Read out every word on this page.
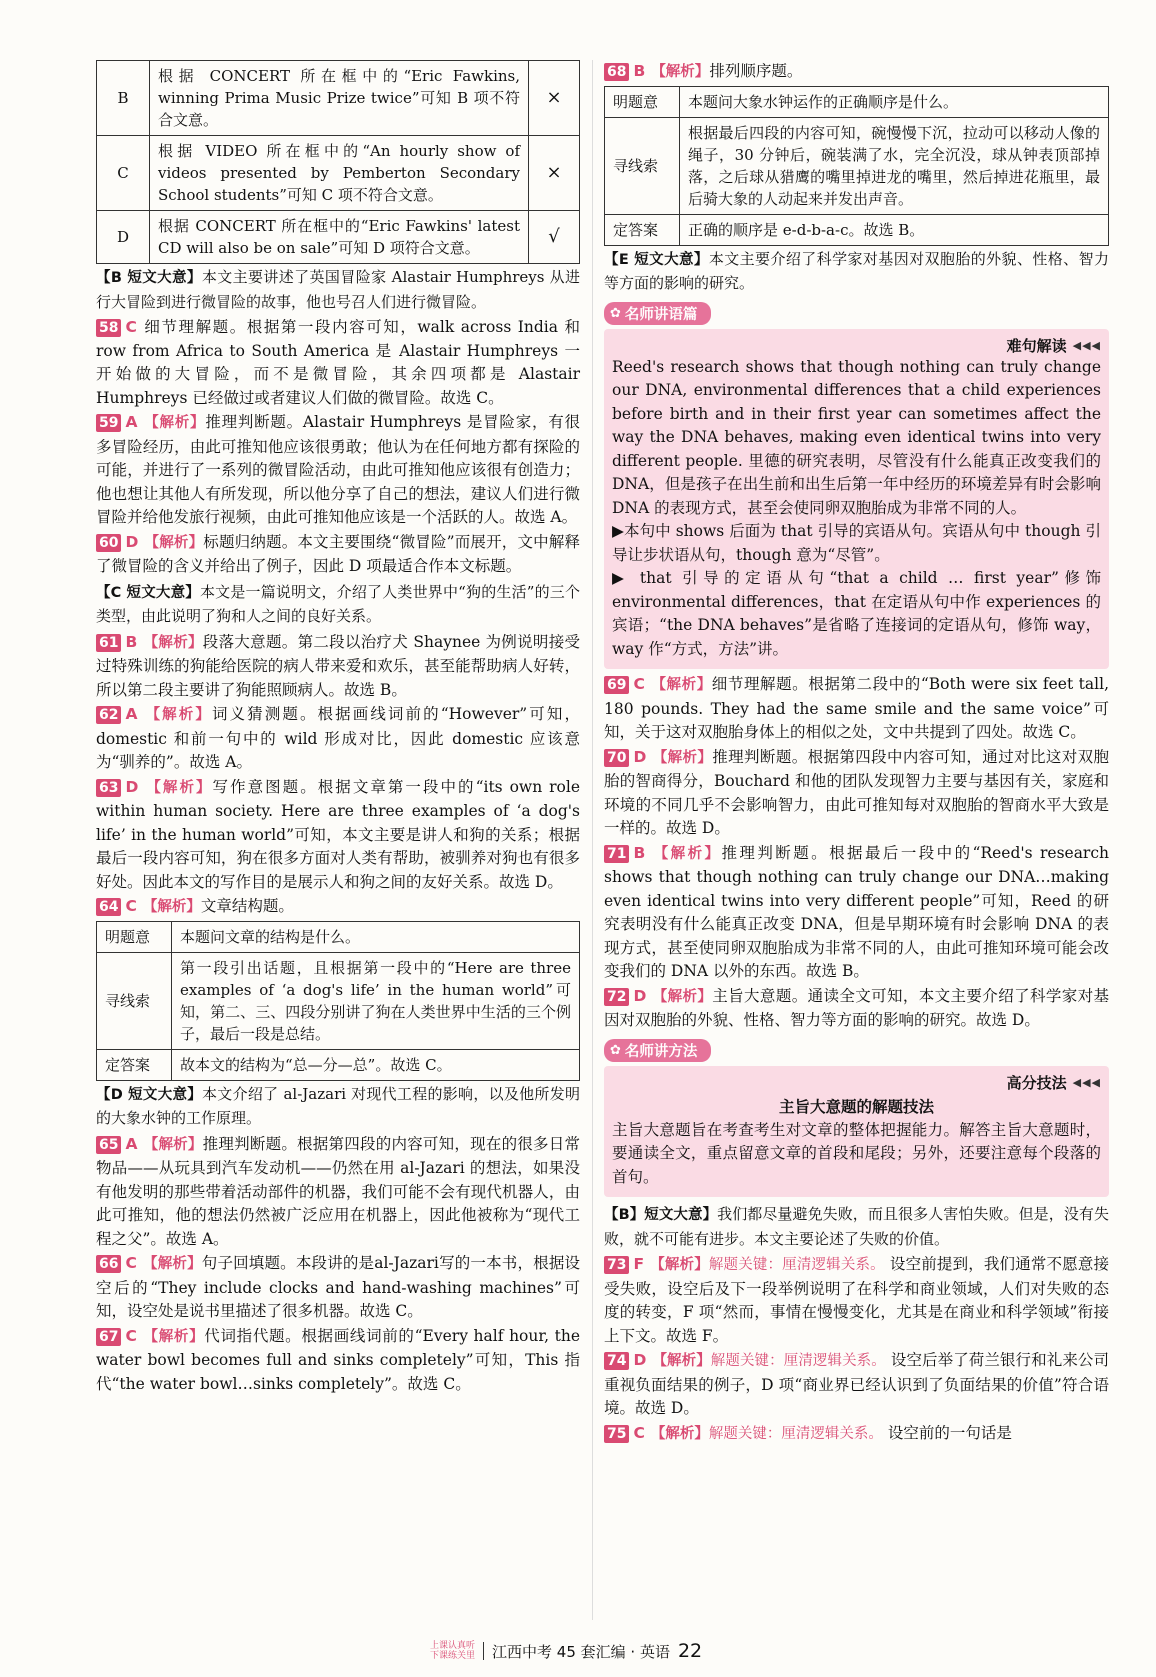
B	根据 CONCERT 所在框中的“Eric Fawkins, winning Prima Music Prize twice”可知 B 项不符合文意。	×
C	根据 VIDEO 所在框中的“An hourly show of videos presented by Pemberton Secondary School students”可知 C 项不符合文意。	×
D	根据 CONCERT 所在框中的“Eric Fawkins' latest CD will also be on sale”可知 D 项符合文意。	√

【B 短文大意】本文主要讲述了英国冒险家 Alastair Humphreys 从进行大冒险到进行微冒险的故事，他也号召人们进行微冒险。

58 C 细节理解题。根据第一段内容可知，walk across India 和 row from Africa to South America 是 Alastair Humphreys 一开始做的大冒险，而不是微冒险，其余四项都是 Alastair Humphreys 已经做过或者建议人们做的微冒险。故选 C。

59 A 【解析】推理判断题。Alastair Humphreys 是冒险家，有很多冒险经历，由此可推知他应该很勇敢；他认为在任何地方都有探险的可能，并进行了一系列的微冒险活动，由此可推知他应该很有创造力；他也想让其他人有所发现，所以他分享了自己的想法，建议人们进行微冒险并给他发旅行视频，由此可推知他应该是一个活跃的人。故选 A。

60 D 【解析】标题归纳题。本文主要围绕“微冒险”而展开，文中解释了微冒险的含义并给出了例子，因此 D 项最适合作本文标题。

【C 短文大意】本文是一篇说明文，介绍了人类世界中“狗的生活”的三个类型，由此说明了狗和人之间的良好关系。

61 B 【解析】段落大意题。第二段以治疗犬 Shaynee 为例说明接受过特殊训练的狗能给医院的病人带来爱和欢乐，甚至能帮助病人好转，所以第二段主要讲了狗能照顾病人。故选 B。

62 A 【解析】词义猜测题。根据画线词前的“However”可知，domestic 和前一句中的 wild 形成对比，因此 domestic 应该意为“驯养的”。故选 A。

63 D 【解析】写作意图题。根据文章第一段中的“its own role within human society. Here are three examples of ‘a dog's life’ in the human world”可知，本文主要是讲人和狗的关系；根据最后一段内容可知，狗在很多方面对人类有帮助，被驯养对狗也有很多好处。因此本文的写作目的是展示人和狗之间的友好关系。故选 D。

64 C 【解析】文章结构题。

明题意	本题问文章的结构是什么。
寻线索	第一段引出话题，且根据第一段中的“Here are three examples of ‘a dog's life’ in the human world”可知，第二、三、四段分别讲了狗在人类世界中生活的三个例子，最后一段是总结。
定答案	故本文的结构为“总—分—总”。故选 C。

【D 短文大意】本文介绍了 al-Jazari 对现代工程的影响，以及他所发明的大象水钟的工作原理。

65 A 【解析】推理判断题。根据第四段的内容可知，现在的很多日常物品——从玩具到汽车发动机——仍然在用 al-Jazari 的想法，如果没有他发明的那些带着活动部件的机器，我们可能不会有现代机器人，由此可推知，他的想法仍然被广泛应用在机器上，因此他被称为“现代工程之父”。故选 A。

66 C 【解析】句子回填题。本段讲的是al-Jazari写的一本书，根据设空后的“They include clocks and hand-washing machines”可知，设空处是说书里描述了很多机器。故选 C。

67 C 【解析】代词指代题。根据画线词前的“Every half hour, the water bowl becomes full and sinks completely”可知，This 指代“the water bowl…sinks completely”。故选 C。

68 B 【解析】排列顺序题。

明题意	本题问大象水钟运作的正确顺序是什么。
寻线索	根据最后四段的内容可知，碗慢慢下沉，拉动可以移动人像的绳子，30 分钟后，碗装满了水，完全沉没，球从钟表顶部掉落，之后球从猎鹰的嘴里掉进龙的嘴里，然后掉进花瓶里，最后骑大象的人动起来并发出声音。
定答案	正确的顺序是 e-d-b-a-c。故选 B。

【E 短文大意】本文主要介绍了科学家对基因对双胞胎的外貌、性格、智力等方面的影响的研究。

✿ 名师讲语篇
难句解读 ◀◀◀

Reed's research shows that though nothing can truly change our DNA, environmental differences that a child experiences before birth and in their first year can sometimes affect the way the DNA behaves, making even identical twins into very different people. 里德的研究表明，尽管没有什么能真正改变我们的 DNA，但是孩子在出生前和出生后第一年中经历的环境差异有时会影响 DNA 的表现方式，甚至会使同卵双胞胎成为非常不同的人。

▶本句中 shows 后面为 that 引导的宾语从句。宾语从句中 though 引导让步状语从句，though 意为“尽管”。

▶ that 引导的定语从句“that a child … first year”修饰 environmental differences，that 在定语从句中作 experiences 的宾语；“the DNA behaves”是省略了连接词的定语从句，修饰 way，way 作“方式，方法”讲。

69 C 【解析】细节理解题。根据第二段中的“Both were six feet tall, 180 pounds. They had the same smile and the same voice”可知，关于这对双胞胎身体上的相似之处，文中共提到了四处。故选 C。

70 D 【解析】推理判断题。根据第四段中内容可知，通过对比这对双胞胎的智商得分，Bouchard 和他的团队发现智力主要与基因有关，家庭和环境的不同几乎不会影响智力，由此可推知每对双胞胎的智商水平大致是一样的。故选 D。

71 B 【解析】推理判断题。根据最后一段中的“Reed's research shows that though nothing can truly change our DNA…making even identical twins into very different people”可知，Reed 的研究表明没有什么能真正改变 DNA，但是早期环境有时会影响 DNA 的表现方式，甚至使同卵双胞胎成为非常不同的人，由此可推知环境可能会改变我们的 DNA 以外的东西。故选 B。

72 D 【解析】主旨大意题。通读全文可知，本文主要介绍了科学家对基因对双胞胎的外貌、性格、智力等方面的影响的研究。故选 D。

✿ 名师讲方法
高分技法 ◀◀◀

主旨大意题的解题技法

主旨大意题旨在考查考生对文章的整体把握能力。解答主旨大意题时，要通读全文，重点留意文章的首段和尾段；另外，还要注意每个段落的首句。

【B】短文大意】我们都尽量避免失败，而且很多人害怕失败。但是，没有失败，就不可能有进步。本文主要论述了失败的价值。

73 F 【解析】解题关键：厘清逻辑关系。 设空前提到，我们通常不愿意接受失败，设空后及下一段举例说明了在科学和商业领域，人们对失败的态度的转变，F 项“然而，事情在慢慢变化，尤其是在商业和科学领域”衔接上下文。故选 F。

74 D 【解析】解题关键：厘清逻辑关系。 设空后举了荷兰银行和礼来公司重视负面结果的例子，D 项“商业界已经认识到了负面结果的价值”符合语境。故选 D。

75 C 【解析】解题关键：厘清逻辑关系。 设空前的一句话是

上课认真听
下课练关里 江西中考 45 套汇编 · 英语 22
